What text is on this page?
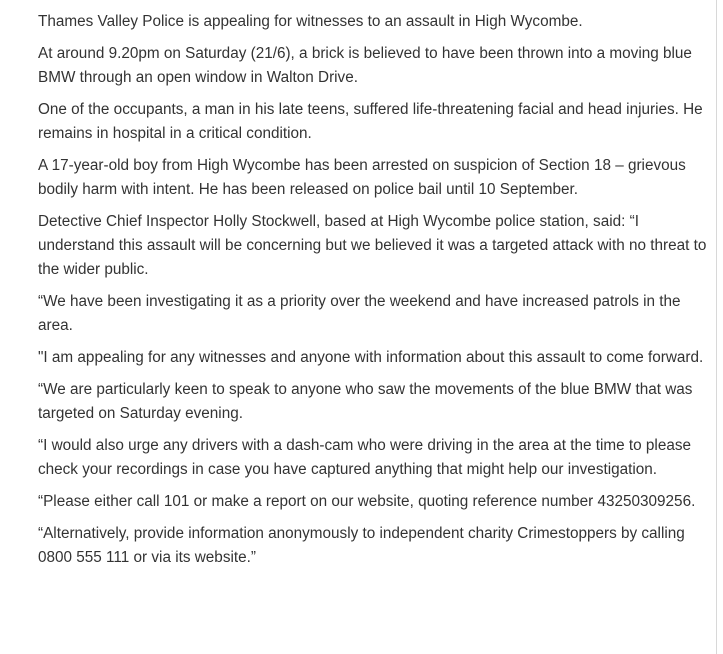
Thames Valley Police is appealing for witnesses to an assault in High Wycombe.

At around 9.20pm on Saturday (21/6), a brick is believed to have been thrown into a moving blue BMW through an open window in Walton Drive.

One of the occupants, a man in his late teens, suffered life-threatening facial and head injuries. He remains in hospital in a critical condition.

A 17-year-old boy from High Wycombe has been arrested on suspicion of Section 18 – grievous bodily harm with intent. He has been released on police bail until 10 September.

Detective Chief Inspector Holly Stockwell, based at High Wycombe police station, said: “I understand this assault will be concerning but we believed it was a targeted attack with no threat to the wider public.

“We have been investigating it as a priority over the weekend and have increased patrols in the area.

"I am appealing for any witnesses and anyone with information about this assault to come forward.

“We are particularly keen to speak to anyone who saw the movements of the blue BMW that was targeted on Saturday evening.

“I would also urge any drivers with a dash-cam who were driving in the area at the time to please check your recordings in case you have captured anything that might help our investigation.

“Please either call 101 or make a report on our website, quoting reference number 43250309256.

“Alternatively, provide information anonymously to independent charity Crimestoppers by calling 0800 555 111 or via its website.”
